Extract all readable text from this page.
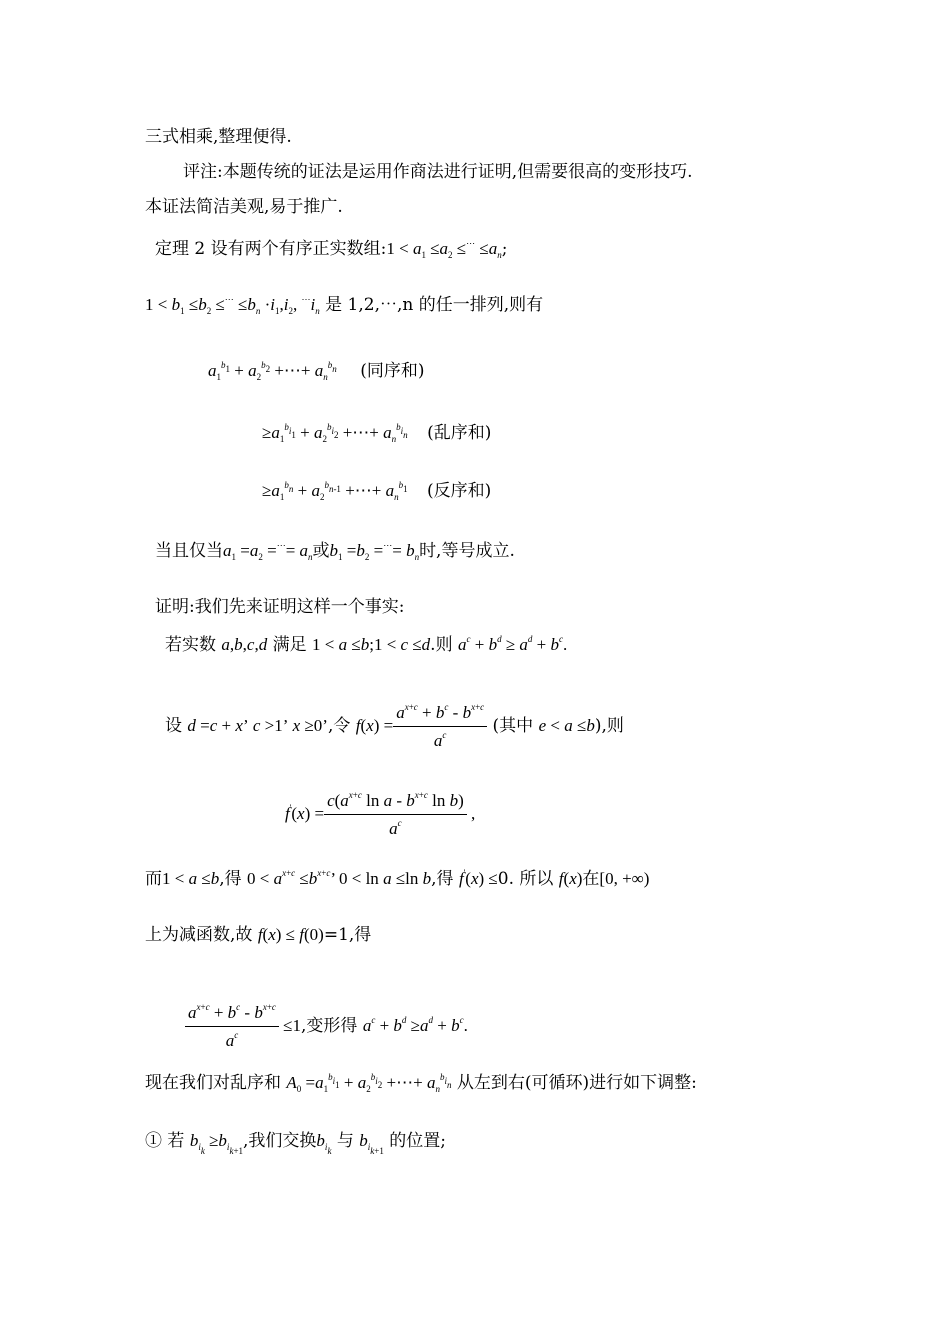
三式相乘,整理便得.
评注:本题传统的证法是运用作商法进行证明,但需要很高的变形技巧.
本证法简洁美观,易于推广.
定理 2 设有两个有序正实数组:1 < $a_1 \le a_2 \le^\cdots \le a_n$;
$1 < b_1 \le b_2 \le^\cdots \le b_n \cdot i_1,i_2$, $^\cdots i_n$ 是 1,2,⋯,n 的任一排列,则有
$a_1^{b_1} + a_2^{b_2}$ +⋯+ $a_n^{b_n}$ (同序和)
$\ge a_1^{b_{i_1}} + a_2^{b_{i_2}}$ +⋯+ $a_n^{b_{i_n}}$ (乱序和)
$\ge a_1^{b_n} + a_2^{b_{n-1}}$ +⋯+ $a_n^{b_1}$ (反序和)
当且仅当$a_1 =a_2 =^\cdots= a_n$或$b_1 =b_2 =^\cdots= b_n$时,等号成立.
证明:我们先来证明这样一个事实:
若实数 a,b,c,d 满足 1 < a ≤b;1 < c ≤d.则 $a^c + b^d \ge a^d + b^c$.
设 d =c + x’ c >1’ x ≥0’,令 $f(x) = \frac{a^{x+c} + b^c - b^{x+c}}{a^c}$ (其中 e < a ≤b),则
$f'(x) = \frac{c(a^{x+c} \ln a - b^{x+c} \ln b)}{a^c}$ ,
而1 < a ≤b,得 $0 < a^{x+c} \le b^{x+c}$’ 0 < ln a ≤ln b,得 f'(x) ≤0. 所以 f(x)在[0, +∞)
上为减函数,故 f(x) ≤ f(0)=1,得
$\frac{a^{x+c} + b^c - b^{x+c}}{a^c} \le 1$,变形得 $a^c + b^d \ge a^d + b^c$.
现在我们对乱序和 $A_0 =a_1^{b_{i_1}} + a_2^{b_{i_2}}$ +⋯+ $a_n^{b_{i_n}}$ 从左到右(可循环)进行如下调整:
① 若 $b_{i_k} \ge b_{i_{k+1}}$,我们交换$b_{i_k}$ 与 $b_{i_{k+1}}$ 的位置;
